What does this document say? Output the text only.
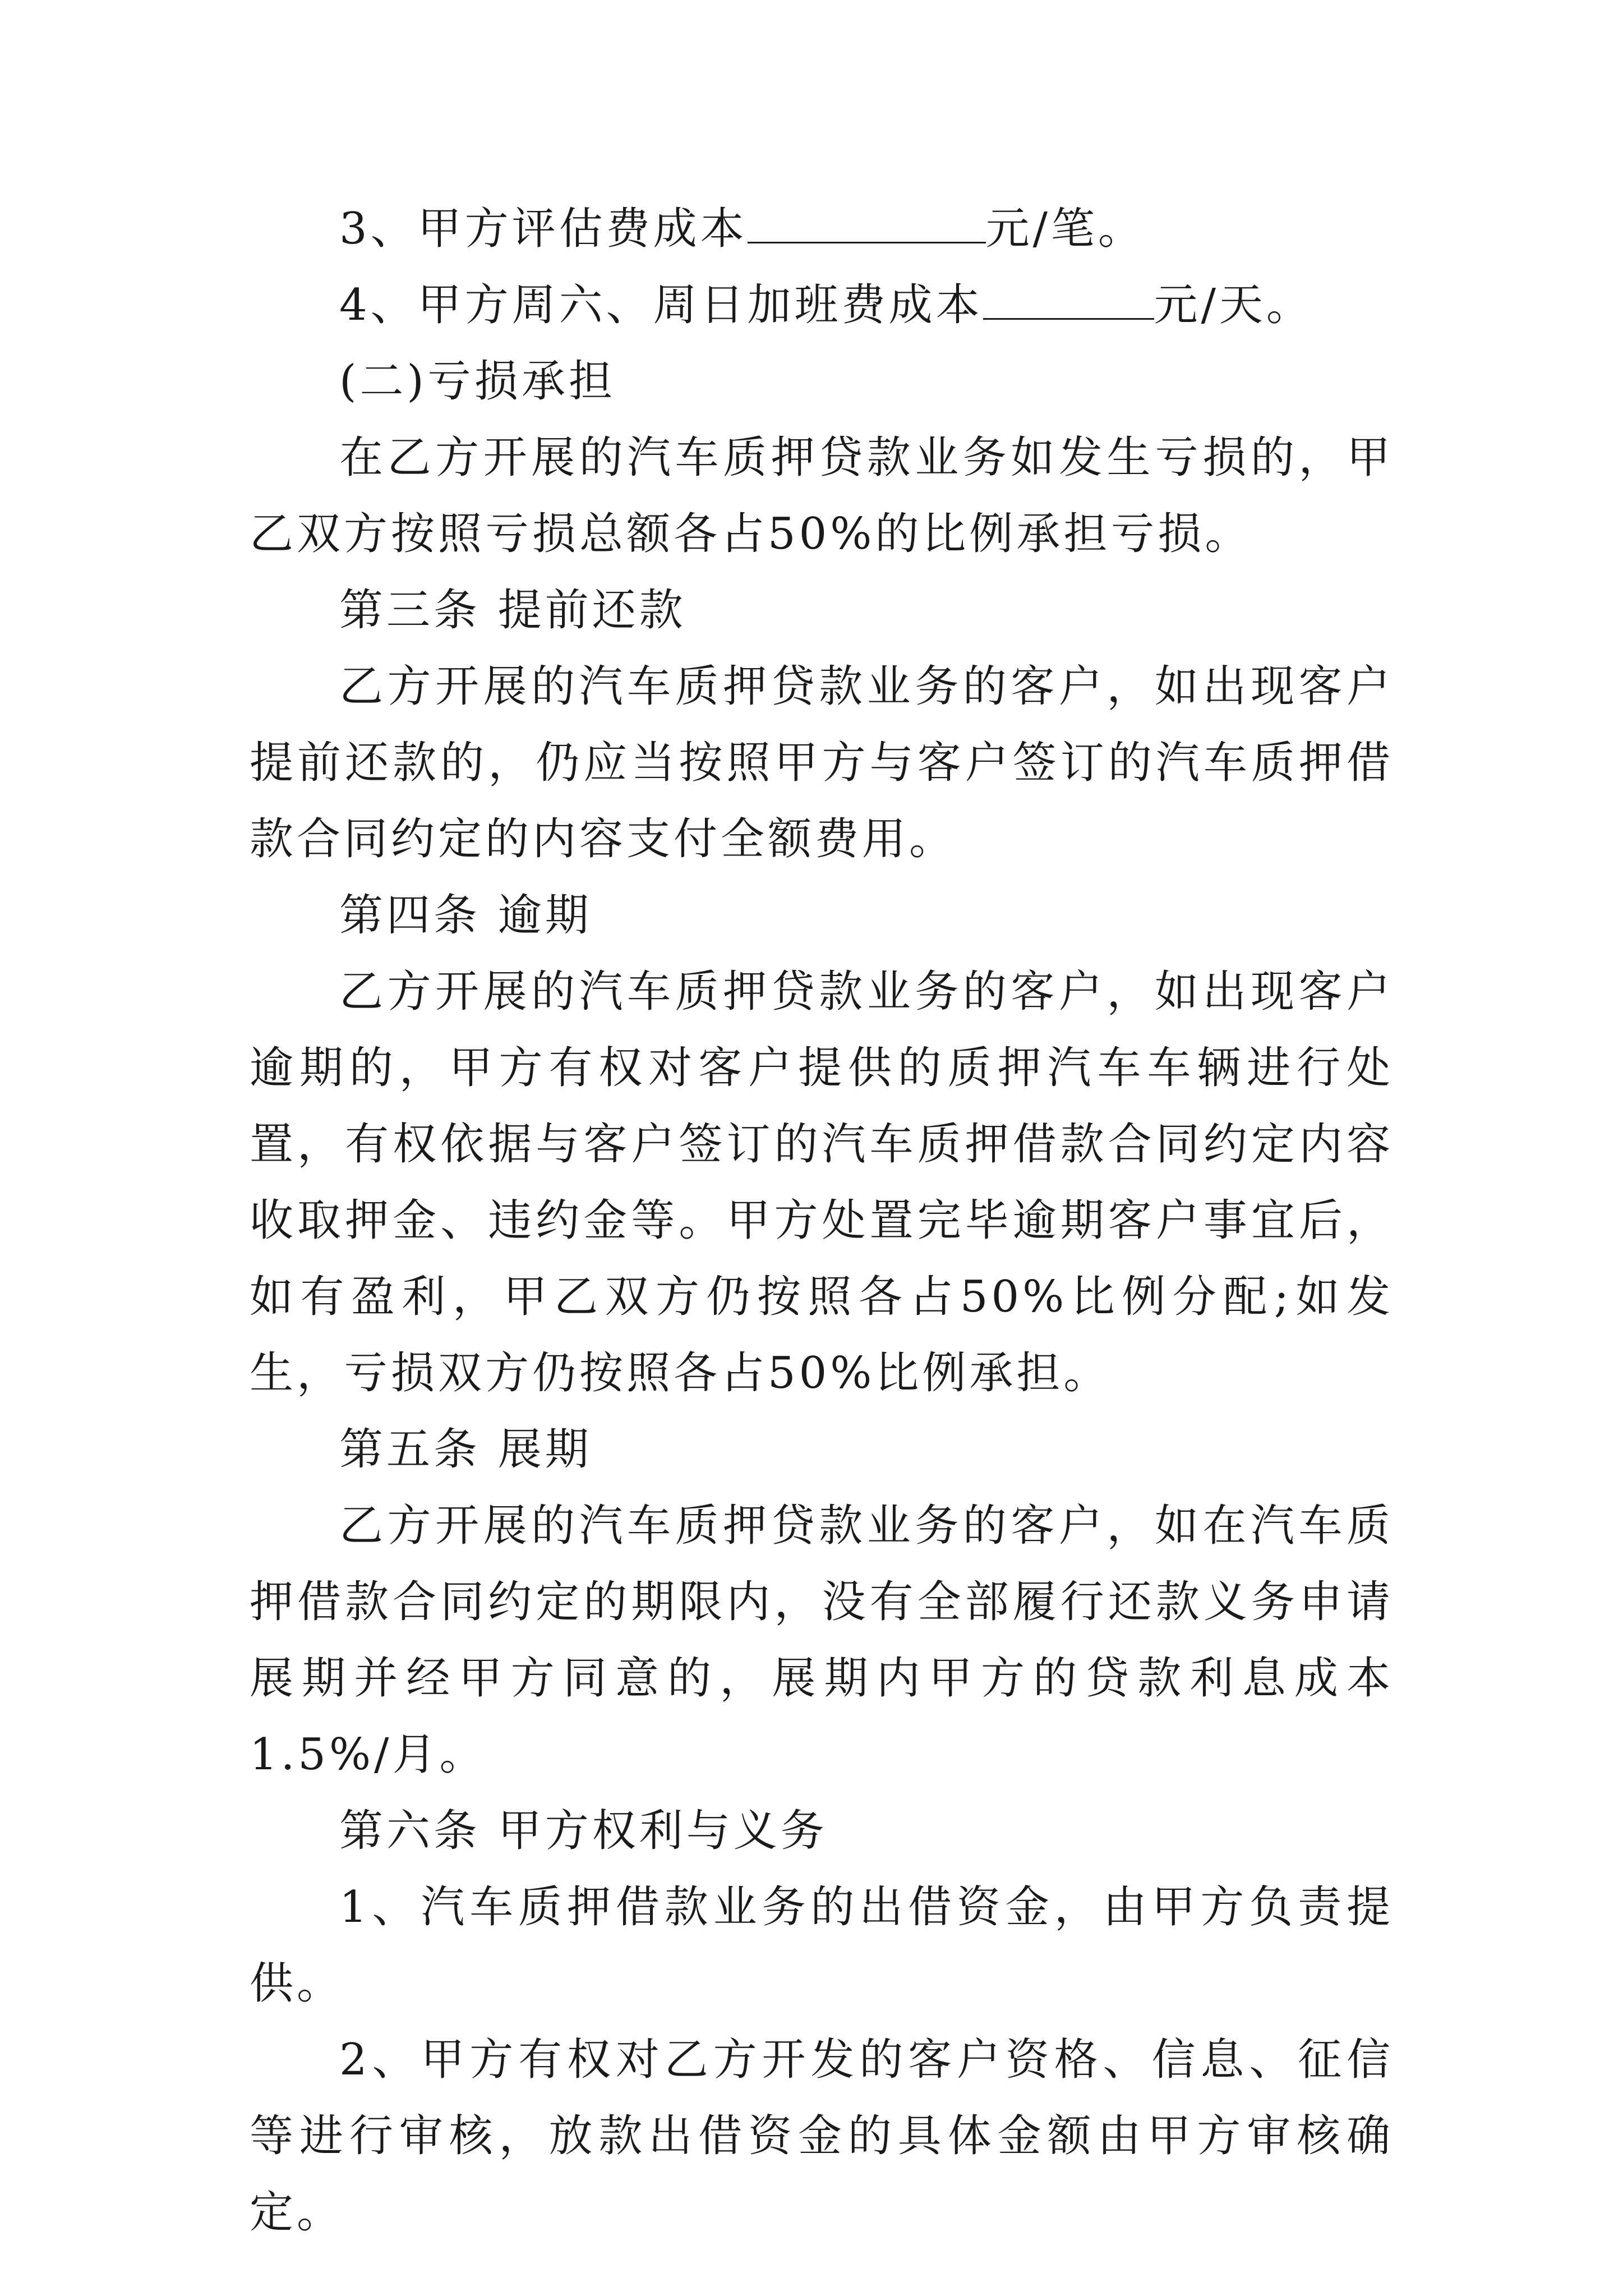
3、甲方评估费成本	元/笔。

4、甲方周六、周日加班费成本	元/天。

(二)亏损承担

在乙方开展的汽车质押贷款业务如发生亏损的，甲乙双方按照亏损总额各占50%的比例承担亏损。

第三条 提前还款

乙方开展的汽车质押贷款业务的客户，如出现客户提前还款的，仍应当按照甲方与客户签订的汽车质押借款合同约定的内容支付全额费用。

第四条 逾期

乙方开展的汽车质押贷款业务的客户，如出现客户逾期的，甲方有权对客户提供的质押汽车车辆进行处置，有权依据与客户签订的汽车质押借款合同约定内容收取押金、违约金等。甲方处置完毕逾期客户事宜后，如有盈利，甲乙双方仍按照各占50%比例分配;如发生，亏损双方仍按照各占50%比例承担。

第五条 展期

乙方开展的汽车质押贷款业务的客户，如在汽车质押借款合同约定的期限内，没有全部履行还款义务申请展期并经甲方同意的，展期内甲方的贷款利息成本1.5%/月。

第六条 甲方权利与义务

1、汽车质押借款业务的出借资金，由甲方负责提供。

2、甲方有权对乙方开发的客户资格、信息、征信等进行审核，放款出借资金的具体金额由甲方审核确定。
